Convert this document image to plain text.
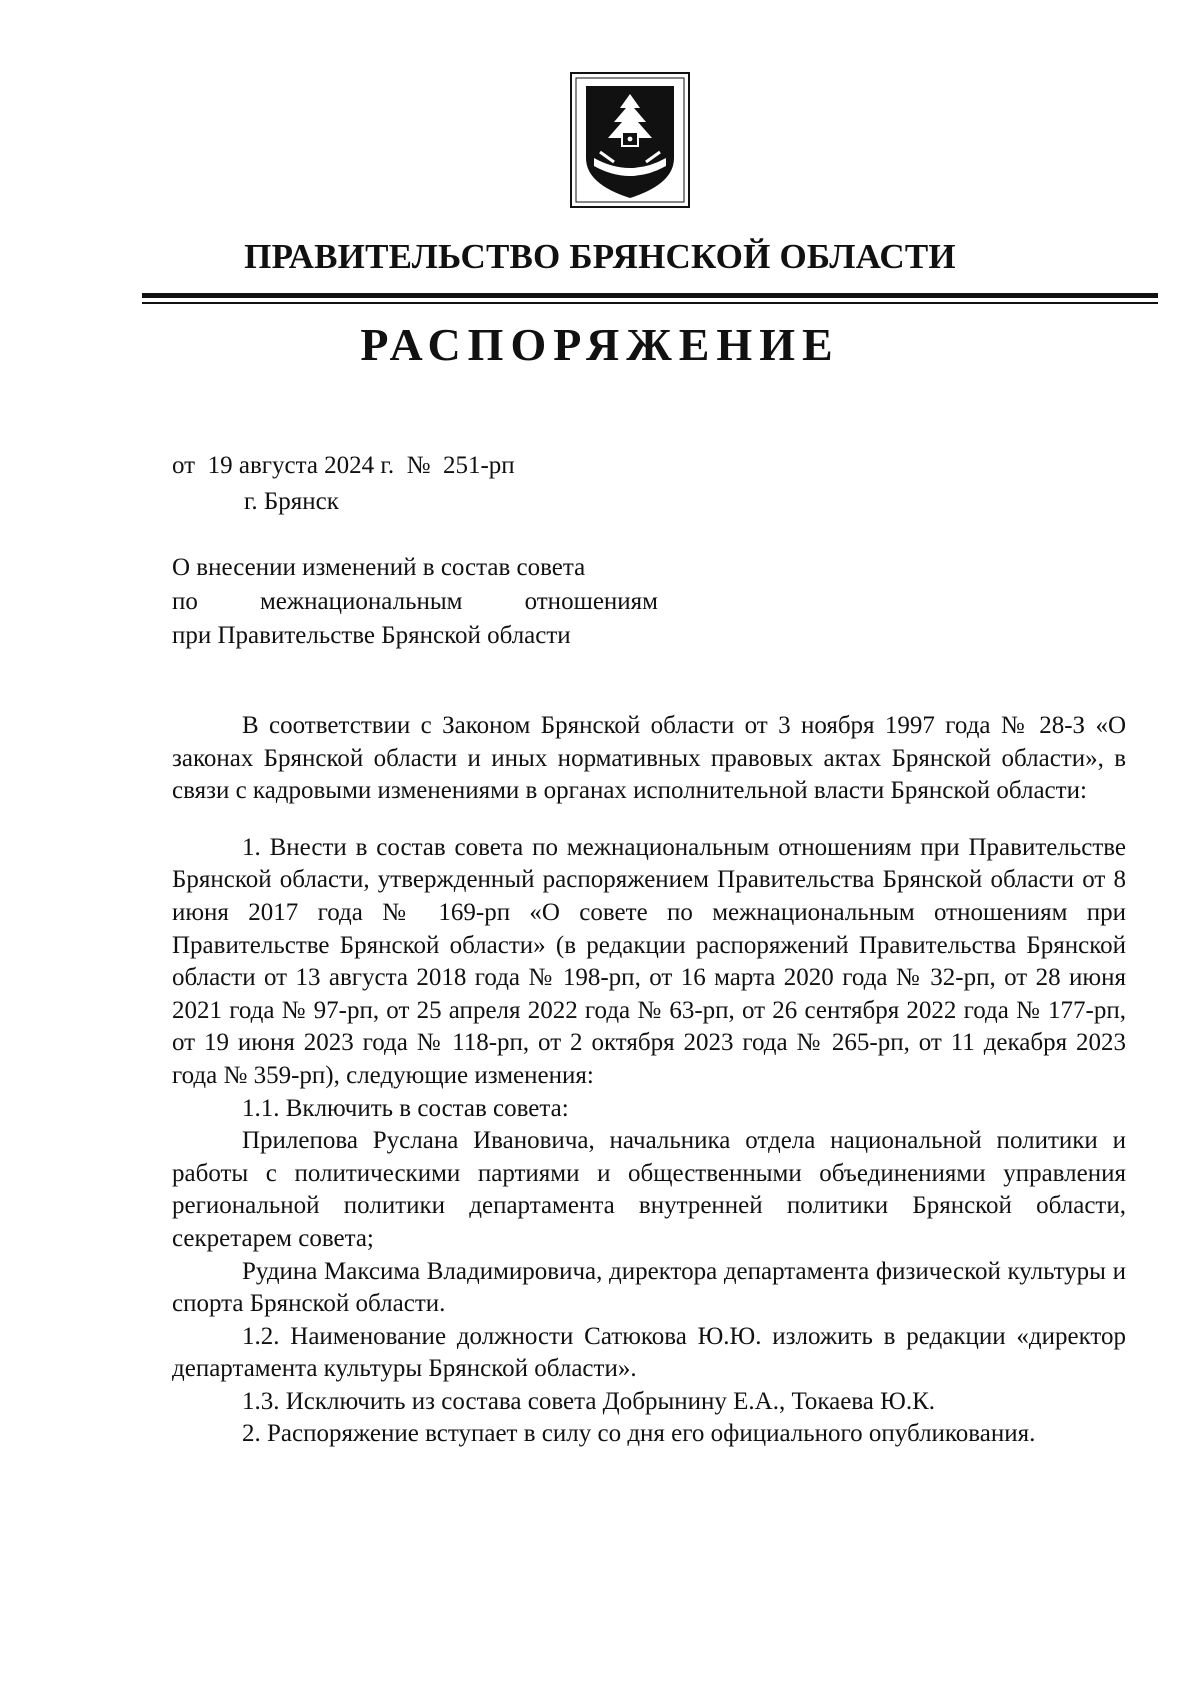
ПРАВИТЕЛЬСТВО БРЯНСКОЙ ОБЛАСТИ
РАСПОРЯЖЕНИЕ
от  19 августа 2024 г.  №  251-рп
г. Брянск
О внесении изменений в состав совета
по межнациональным отношениям
при Правительстве Брянской области

В соответствии с Законом Брянской области от 3 ноября 1997 года № 28-З «О законах Брянской области и иных нормативных правовых актах Брянской области», в связи с кадровыми изменениями в органах исполнительной власти Брянской области:

1. Внести в состав совета по межнациональным отношениям при Правительстве Брянской области, утвержденный распоряжением Правительства Брянской области от 8 июня 2017 года № 169-рп «О совете по межнациональным отношениям при Правительстве Брянской области» (в редакции распоряжений Правительства Брянской области от 13 августа 2018 года № 198-рп, от 16 марта 2020 года № 32-рп, от 28 июня 2021 года № 97-рп, от 25 апреля 2022 года № 63-рп, от 26 сентября 2022 года № 177-рп, от 19 июня 2023 года № 118-рп, от 2 октября 2023 года № 265-рп, от 11 декабря 2023 года № 359-рп), следующие изменения:

1.1. Включить в состав совета:

Прилепова Руслана Ивановича, начальника отдела национальной политики и работы с политическими партиями и общественными объединениями управления региональной политики департамента внутренней политики Брянской области, секретарем совета;

Рудина Максима Владимировича, директора департамента физической культуры и спорта Брянской области.

1.2. Наименование должности Сатюкова Ю.Ю. изложить в редакции «директор департамента культуры Брянской области».

1.3. Исключить из состава совета Добрынину Е.А., Токаева Ю.К.

2. Распоряжение вступает в силу со дня его официального опубликования.
